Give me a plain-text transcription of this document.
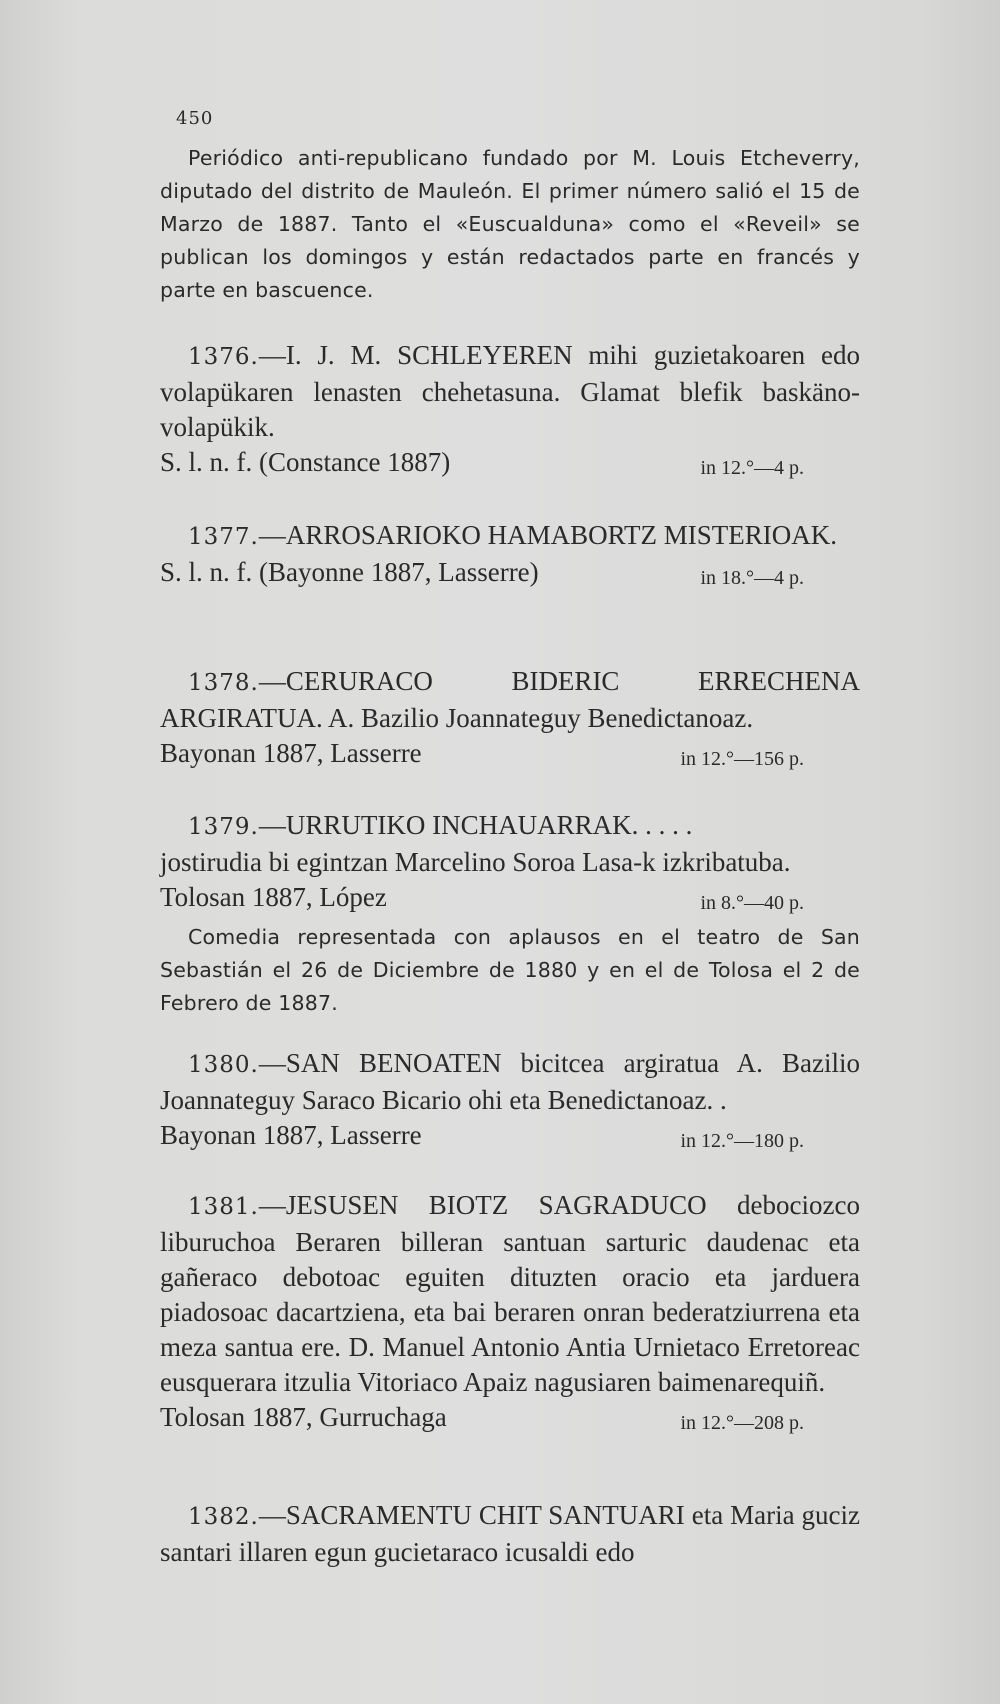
450

Periódico anti-republicano fundado por M. Louis Etcheverry, diputado del distrito de Mauleón. El primer número salió el 15 de Marzo de 1887. Tanto el «Euscualduna» como el «Reveil» se publican los domingos y están redactados parte en francés y parte en bascuence.

1376.—I. J. M. SCHLEYEREN mihi guzietakoaren edo volapükaren lenasten chehetasuna. Glamat blefik baskäno-volapükik.

S. l. n. f. (Constance 1887)	in 12.°—4 p.

1377.—ARROSARIOKO HAMABORTZ MISTERIOAK.

S. l. n. f. (Bayonne 1887, Lasserre)	in 18.°—4 p.

1378.—CERURACO BIDERIC ERRECHENA ARGIRATUA. A. Bazilio Joannateguy Benedictanoaz.

Bayonan 1887, Lasserre	in 12.°—156 p.

1379.—URRUTIKO INCHAUARRAK. . . . .

jostirudia bi egintzan Marcelino Soroa Lasa-k izkribatuba.

Tolosan 1887, López	in 8.°—40 p.

Comedia representada con aplausos en el teatro de San Sebastián el 26 de Diciembre de 1880 y en el de Tolosa el 2 de Febrero de 1887.

1380.—SAN BENOATEN bicitcea argiratua A. Bazilio Joannateguy Saraco Bicario ohi eta Benedictanoaz. .

Bayonan 1887, Lasserre	in 12.°—180 p.

1381.—JESUSEN BIOTZ SAGRADUCO debociozco liburuchoa Beraren billeran santuan sarturic daudenac eta gañeraco debotoac eguiten dituzten oracio eta jarduera piadosoac dacartziena, eta bai beraren onran bederatziurrena eta meza santua ere. D. Manuel Antonio Antia Urnietaco Erretoreac eusquerara itzulia Vitoriaco Apaiz nagusiaren baimenarequiñ.

Tolosan 1887, Gurruchaga	in 12.°—208 p.

1382.—SACRAMENTU CHIT SANTUARI eta Maria guciz santari illaren egun gucietaraco icusaldi edo
